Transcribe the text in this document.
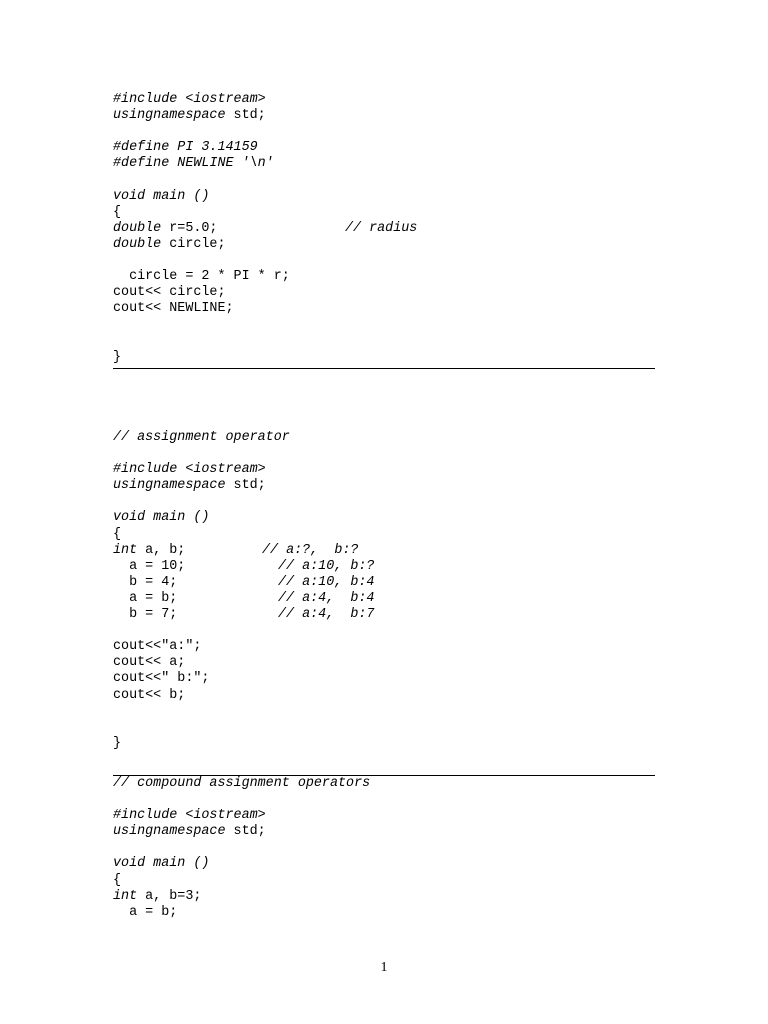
#include <iostream>
usingnamespace std;
#define PI 3.14159
#define NEWLINE '\n'
void main ()
{
double r=5.0;	// radius
double circle;
circle = 2 * PI * r;
cout<< circle;
cout<< NEWLINE;
}
// assignment operator
#include <iostream>
usingnamespace std;
void main ()
{
int a, b;	// a:?,  b:?
a = 10;	// a:10, b:?
b = 4;	// a:10, b:4
a = b;	// a:4,  b:4
b = 7;	// a:4,  b:7
cout<<"a:";
cout<< a;
cout<<" b:";
cout<< b;
}
// compound assignment operators
#include <iostream>
usingnamespace std;
void main ()
{
int a, b=3;
a = b;
1
